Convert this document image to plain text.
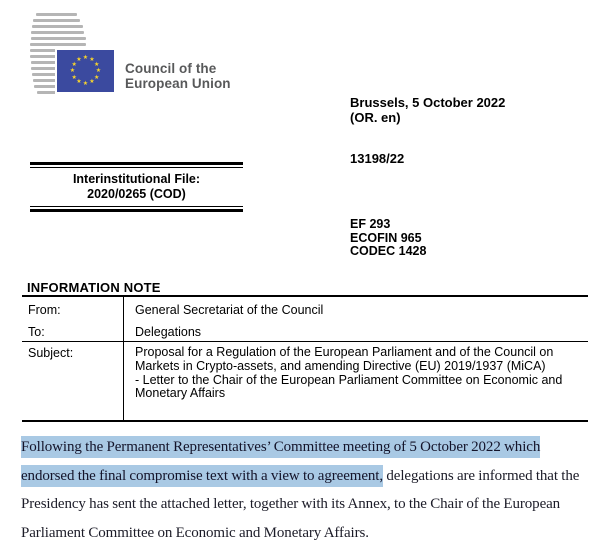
★ ★
★
★
★
★
★
★
★
★
★
★
Council of the
European Union
Brussels, 5 October 2022
(OR. en)
13198/22
EF 293
ECOFIN 965
CODEC 1428
Interinstitutional File:
2020/0265 (COD)
INFORMATION NOTE
From:	General Secretariat of the Council
To:	Delegations
Subject:	Proposal for a Regulation of the European Parliament and of the Council on Markets in Crypto-assets, and amending Directive (EU) 2019/1937 (MiCA)
- Letter to the Chair of the European Parliament Committee on Economic and Monetary Affairs

Following the Permanent Representatives’ Committee meeting of 5 October 2022 which endorsed the final compromise text with a view to agreement, delegations are informed that the Presidency has sent the attached letter, together with its Annex, to the Chair of the European Parliament Committee on Economic and Monetary Affairs.
